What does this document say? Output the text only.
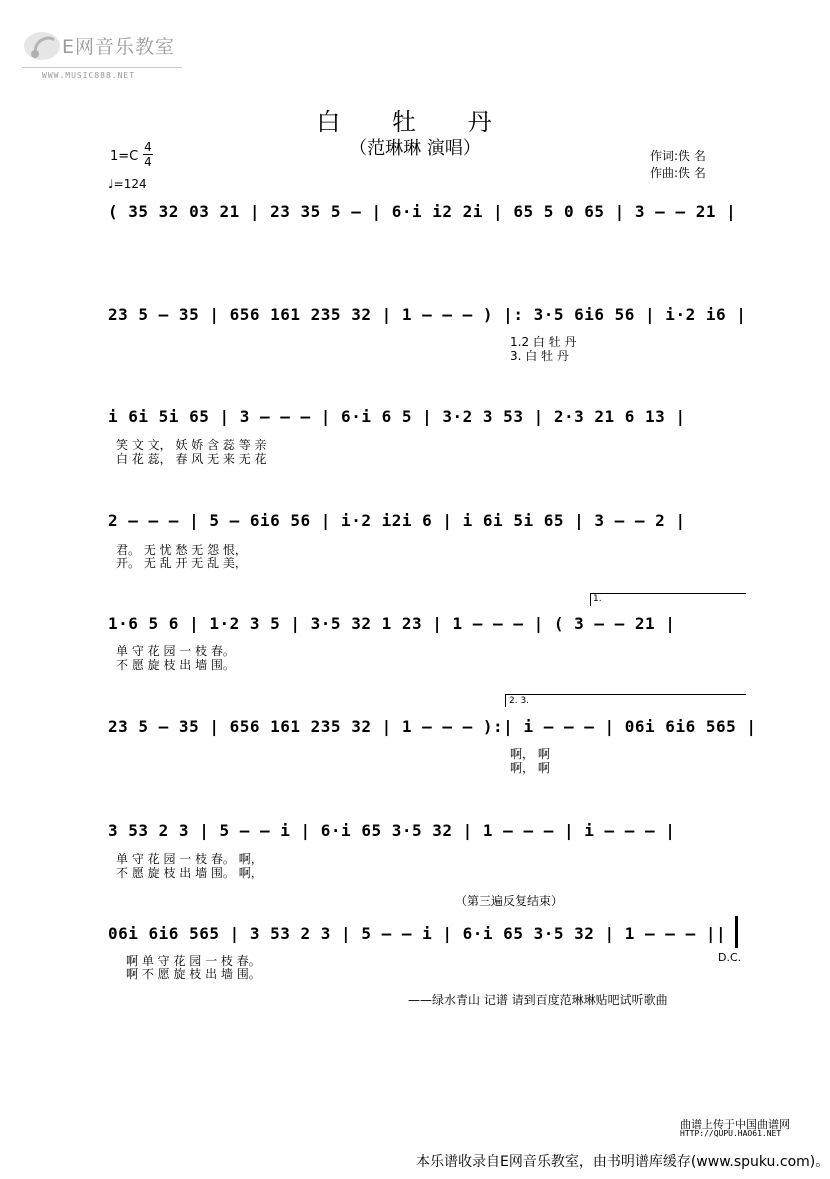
E网音乐教室
WWW.MUSIC888.NET
白 牡 丹
（范琳琳 演唱）	作词:佚 名
作曲:佚 名
1=C
4
4
♩=124
( 35 32 03 21 | 23 35 5 – | 6·i i2 2i | 65 5 0 65 | 3 – – 21 |
23 5 – 35 | 656 161 235 32 | 1 – – – ) |: 3·5 6i6 56 | i·2 i6 |
1.2 白 牡 丹
3. 白 牡 丹
i 6i 5i 65 | 3 – – – | 6·i 6 5 | 3·2 3 53 | 2·3 21 6 13 |
笑 文 文， 妖 娇 含 蕊 等 亲
白 花 蕊， 春 风 无 来 无 花
2 – – – | 5 – 6i6 56 | i·2 i2i 6 | i 6i 5i 65 | 3 – – 2 |
君。 无 忧 愁 无 怨 恨，
开。 无 乱 开 无 乱 美，
1.
1·6 5 6 | 1·2 3 5 | 3·5 32 1 23 | 1 – – – | ( 3 – – 21 |
单 守 花 园 一 枝 春。
不 愿 旋 枝 出 墙 围。
2. 3.
23 5 – 35 | 656 161 235 32 | 1 – – – ):| i – – – | 06i 6i6 565 |
啊， 啊
啊， 啊
3 53 2 3 | 5 – – i | 6·i 65 3·5 32 | 1 – – – | i – – – |
单 守 花 园 一 枝 春。 啊，
不 愿 旋 枝 出 墙 围。 啊，
（第三遍反复结束）
06i 6i6 565 | 3 53 2 3 | 5 – – i | 6·i 65 3·5 32 | 1 – – – ||
啊 单 守 花 园 一 枝 春。
啊 不 愿 旋 枝 出 墙 围。
D.C.
——绿水青山 记谱 请到百度范琳琳贴吧试听歌曲
曲谱上传于中国曲谱网
HTTP://QUPU.HAO61.NET
本乐谱收录自E网音乐教室，由书明谱库缓存(www.spuku.com)。
